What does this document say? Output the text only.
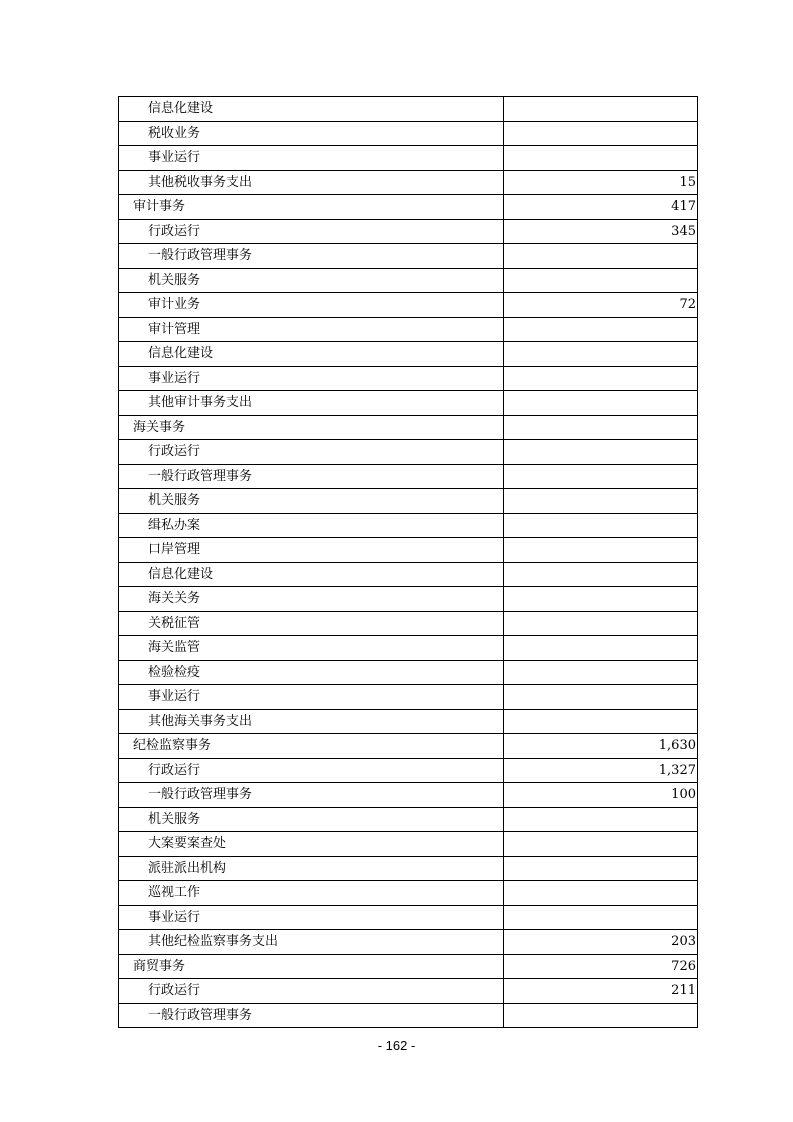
信息化建设	
税收业务	
事业运行	
其他税收事务支出	15
审计事务	417
行政运行	345
一般行政管理事务	
机关服务	
审计业务	72
审计管理	
信息化建设	
事业运行	
其他审计事务支出	
海关事务	
行政运行	
一般行政管理事务	
机关服务	
缉私办案	
口岸管理	
信息化建设	
海关关务	
关税征管	
海关监管	
检验检疫	
事业运行	
其他海关事务支出	
纪检监察事务	1,630
行政运行	1,327
一般行政管理事务	100
机关服务	
大案要案查处	
派驻派出机构	
巡视工作	
事业运行	
其他纪检监察事务支出	203
商贸事务	726
行政运行	211
一般行政管理事务	
- 162 -
